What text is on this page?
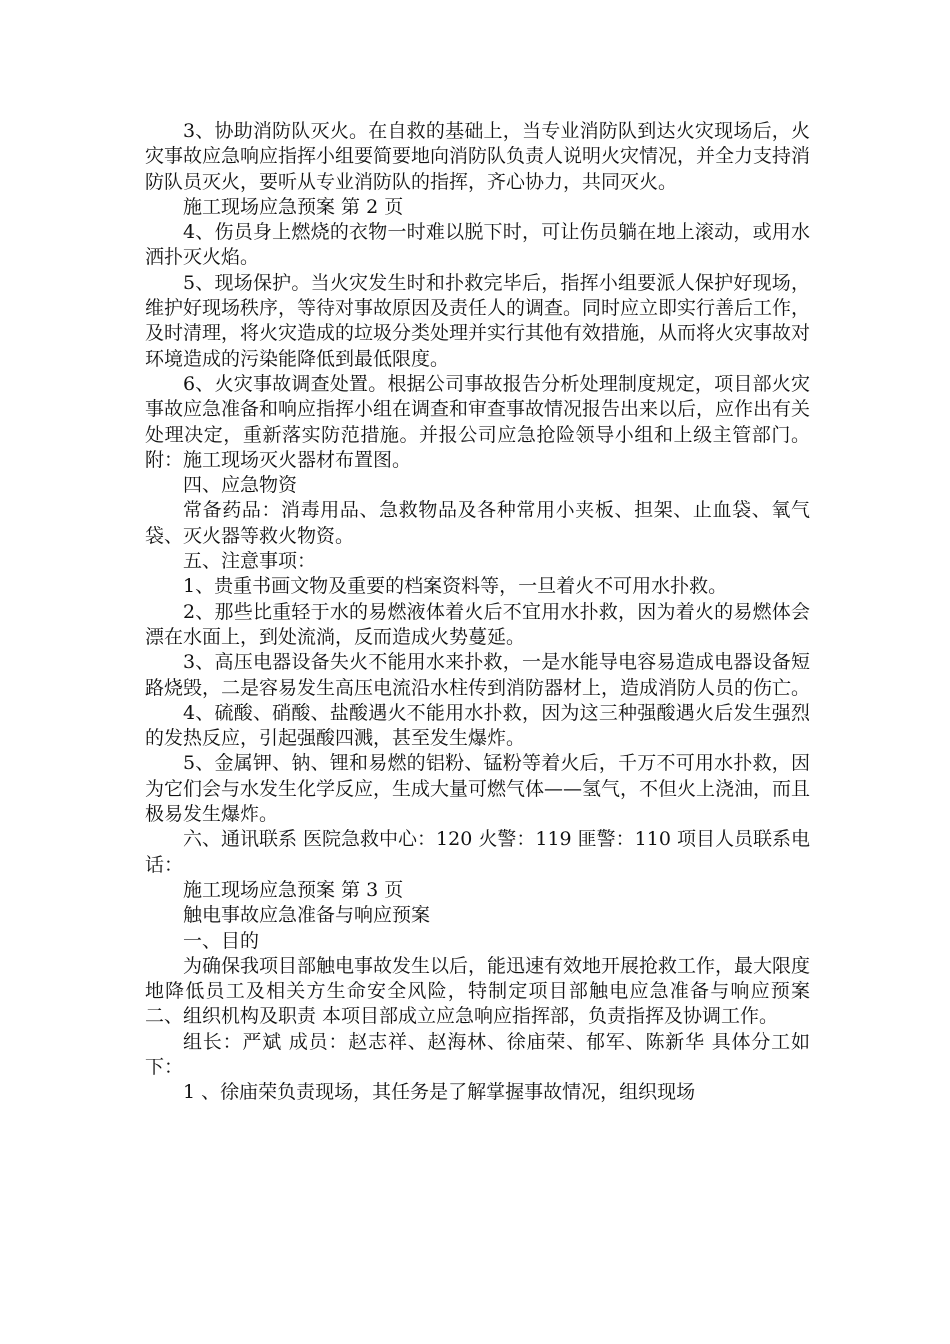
3、协助消防队灭火。在自救的基础上，当专业消防队到达火灾现场后，火灾事故应急响应指挥小组要简要地向消防队负责人说明火灾情况，并全力支持消防队员灭火，要听从专业消防队的指挥，齐心协力，共同灭火。

施工现场应急预案 第 2 页

4、伤员身上燃烧的衣物一时难以脱下时，可让伤员躺在地上滚动，或用水洒扑灭火焰。

5、现场保护。当火灾发生时和扑救完毕后，指挥小组要派人保护好现场，维护好现场秩序，等待对事故原因及责任人的调查。同时应立即实行善后工作，及时清理，将火灾造成的垃圾分类处理并实行其他有效措施，从而将火灾事故对环境造成的污染能降低到最低限度。

6、火灾事故调查处置。根据公司事故报告分析处理制度规定，项目部火灾事故应急准备和响应指挥小组在调查和审查事故情况报告出来以后，应作出有关处理决定，重新落实防范措施。并报公司应急抢险领导小组和上级主管部门。附：施工现场灭火器材布置图。

四、应急物资

常备药品：消毒用品、急救物品及各种常用小夹板、担架、止血袋、氧气袋、灭火器等救火物资。

五、注意事项：

1、贵重书画文物及重要的档案资料等，一旦着火不可用水扑救。

2、那些比重轻于水的易燃液体着火后不宜用水扑救，因为着火的易燃体会漂在水面上，到处流淌，反而造成火势蔓延。

3、高压电器设备失火不能用水来扑救，一是水能导电容易造成电器设备短路烧毁，二是容易发生高压电流沿水柱传到消防器材上，造成消防人员的伤亡。

4、硫酸、硝酸、盐酸遇火不能用水扑救，因为这三种强酸遇火后发生强烈的发热反应，引起强酸四溅，甚至发生爆炸。

5、金属钾、钠、锂和易燃的铝粉、锰粉等着火后，千万不可用水扑救，因为它们会与水发生化学反应，生成大量可燃气体——氢气，不但火上浇油，而且极易发生爆炸。

六、通讯联系 医院急救中心：120 火警：119 匪警：110 项目人员联系电话：

施工现场应急预案 第 3 页

触电事故应急准备与响应预案

一、目的

为确保我项目部触电事故发生以后，能迅速有效地开展抢救工作，最大限度地降低员工及相关方生命安全风险，特制定项目部触电应急准备与响应预案 二、组织机构及职责 本项目部成立应急响应指挥部，负责指挥及协调工作。

组长：严斌 成员：赵志祥、赵海林、徐庙荣、郁军、陈新华 具体分工如下：

1 、徐庙荣负责现场，其任务是了解掌握事故情况，组织现场
